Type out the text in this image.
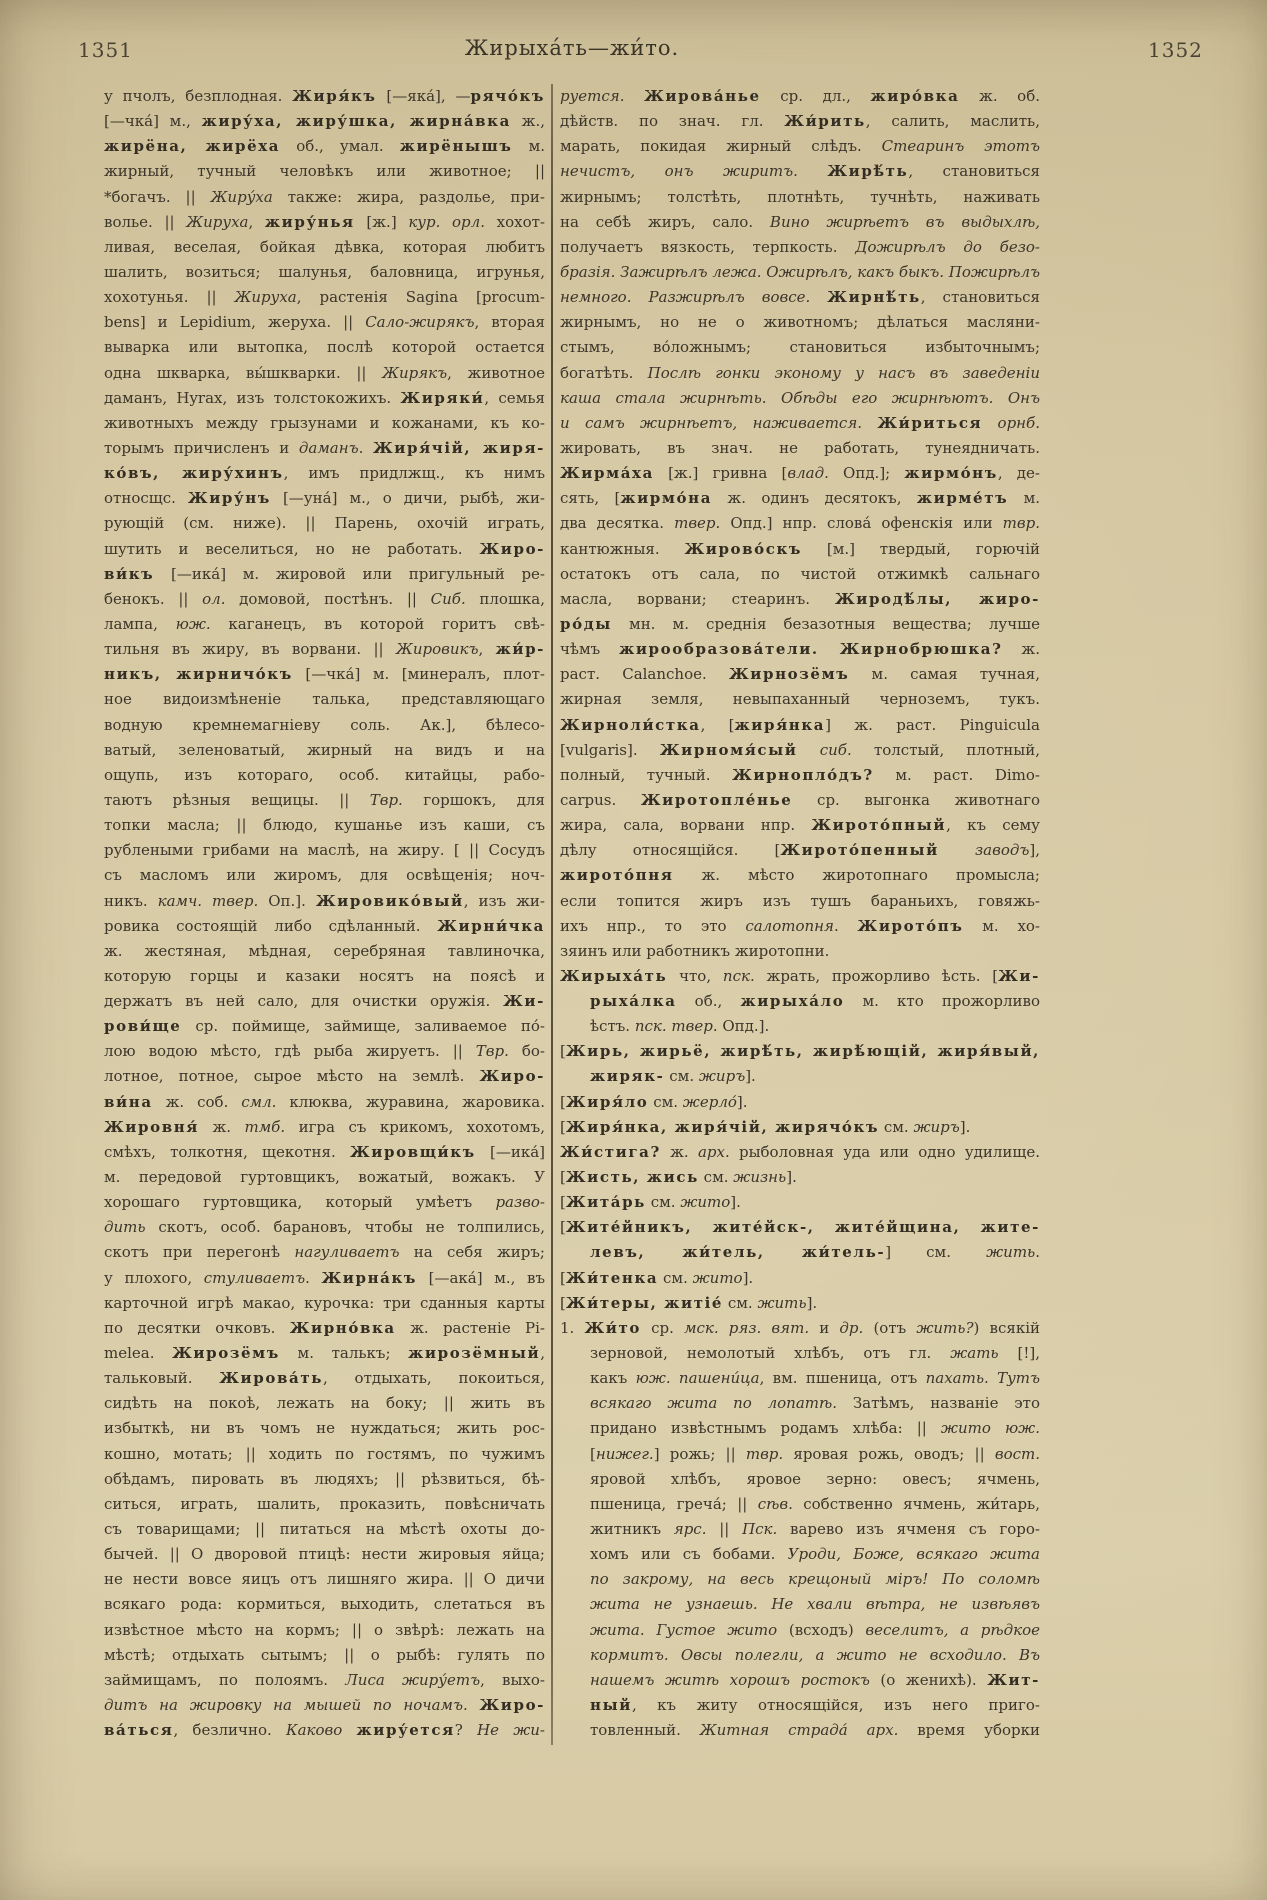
1351	Жирыха́ть—жи́то.	1352
у пчолъ, безплодная. Жиря́къ [—яка́], —рячо́къ
[—чка́] м., жиру́ха, жиру́шка, жирна́вка ж.,
жирёна, жирёха об., умал. жирёнышъ м.
жирный, тучный человѣкъ или животное; ||
*богачъ. || Жиру́ха также: жира, раздолье, при-
волье. || Жируха, жиру́нья [ж.] кур. орл. хохот-
ливая, веселая, бойкая дѣвка, которая любитъ
шалить, возиться; шалунья, баловница, игрунья,
хохотунья. || Жируха, растенія Sagina [procum-
bens] и Lepidium, жеруха. || Сало-жирякъ, вторая
выварка или вытопка, послѣ которой остается
одна шкварка, вы́шкварки. || Жирякъ, животное
даманъ, Hyrax, изъ толстокожихъ. Жиряки́, семья
животныхъ между грызунами и кожанами, къ ко-
торымъ причисленъ и даманъ. Жиря́чій, жиря-
ко́въ, жиру́хинъ, имъ придлжщ., къ нимъ
относщс. Жиру́нъ [—уна́] м., о дичи, рыбѣ, жи-
рующій (см. ниже). || Парень, охочій играть,
шутить и веселиться, но не работать. Жиро-
ви́къ [—ика́] м. жировой или пригульный ре-
бенокъ. || ол. домовой, постѣнъ. || Сиб. плошка,
лампа, юж. каганецъ, въ которой горитъ свѣ-
тильня въ жиру, въ ворвани. || Жировикъ, жи́р-
никъ, жирничо́къ [—чка́] м. [минералъ, плот-
ное видоизмѣненіе талька, представляющаго
водную кремнемагніеву соль. Ак.], бѣлесо-
ватый, зеленоватый, жирный на видъ и на
ощупь, изъ котораго, особ. китайцы, рабо-
таютъ рѣзныя вещицы. || Твр. горшокъ, для
топки масла; || блюдо, кушанье изъ каши, съ
рублеными грибами на маслѣ, на жиру. [ || Сосудъ
съ масломъ или жиромъ, для освѣщенія; ноч-
никъ. камч. твер. Оп.]. Жировико́вый, изъ жи-
ровика состоящій либо сдѣланный. Жирни́чка
ж. жестяная, мѣдная, серебряная тавлиночка,
которую горцы и казаки носятъ на поясѣ и
держатъ въ ней сало, для очистки оружія. Жи-
рови́ще ср. поймище, займище, заливаемое по́-
лою водою мѣсто, гдѣ рыба жируетъ. || Твр. бо-
лотное, потное, сырое мѣсто на землѣ. Жиро-
ви́на ж. соб. смл. клюква, журавина, жаровика.
Жировня́ ж. тмб. игра съ крикомъ, хохотомъ,
смѣхъ, толкотня, щекотня. Жировщи́къ [—ика́]
м. передовой гуртовщикъ, вожатый, вожакъ. У
хорошаго гуртовщика, который умѣетъ разво-
дить скотъ, особ. барановъ, чтобы не толпились,
скотъ при перегонѣ нагуливаетъ на себя жиръ;
у плохого, стуливаетъ. Жирна́къ [—ака́] м., въ
карточной игрѣ макао, курочка: три сданныя карты
по десятки очковъ. Жирно́вка ж. растеніе Pi-
melea. Жирозёмъ м. талькъ; жирозёмный,
тальковый. Жирова́ть, отдыхать, покоиться,
сидѣть на покоѣ, лежать на боку; || жить въ
избыткѣ, ни въ чомъ не нуждаться; жить рос-
кошно, мотать; || ходить по гостямъ, по чужимъ
обѣдамъ, пировать въ людяхъ; || рѣзвиться, бѣ-
ситься, играть, шалить, проказить, повѣсничать
съ товарищами; || питаться на мѣстѣ охоты до-
бычей. || О дворовой птицѣ: нести жировыя яйца;
не нести вовсе яицъ отъ лишняго жира. || О дичи
всякаго рода: кормиться, выходить, слетаться въ
извѣстное мѣсто на кормъ; || о звѣрѣ: лежать на
мѣстѣ; отдыхать сытымъ; || о рыбѣ: гулять по
займищамъ, по полоямъ. Лиса жиру́етъ, выхо-
дитъ на жировку на мышей по ночамъ. Жиро-
ва́ться, безлично. Каково жиру́ется? Не жи-
руется. Жирова́нье ср. дл., жиро́вка ж. об.
дѣйств. по знач. гл. Жи́рить, салить, маслить,
марать, покидая жирный слѣдъ. Стеаринъ этотъ
нечистъ, онъ жиритъ. Жирѣ́ть, становиться
жирнымъ; толстѣть, плотнѣть, тучнѣть, наживать
на себѣ жиръ, сало. Вино жирѣетъ въ выдыхлѣ,
получаетъ вязкость, терпкость. Дожирѣлъ до безо-
бразія. Зажирѣлъ лежа. Ожирѣлъ, какъ быкъ. Пожирѣлъ
немного. Разжирѣлъ вовсе. Жирнѣ́ть, становиться
жирнымъ, но не о животномъ; дѣлаться масляни-
стымъ, во́ложнымъ; становиться избыточнымъ;
богатѣть. Послѣ гонки эконому у насъ въ заведеніи
каша стала жирнѣть. Обѣды его жирнѣютъ. Онъ
и самъ жирнѣетъ, наживается. Жи́риться орнб.
жировать, въ знач. не работать, тунеядничать.
Жирма́ха [ж.] гривна [влад. Опд.]; жирмо́нъ, де-
сять, [жирмо́на ж. одинъ десятокъ, жирме́тъ м.
два десятка. твер. Опд.] нпр. слова́ офенскія или твр.
кантюжныя. Жирово́скъ [м.] твердый, горючій
остатокъ отъ сала, по чистой отжимкѣ сальнаго
масла, ворвани; стеаринъ. Жиродѣ́лы, жиро-
ро́ды мн. м. среднія безазотныя вещества; лучше
чѣмъ жирообразова́тели. Жирнобрюшка? ж.
раст. Calanchoe. Жирнозёмъ м. самая тучная,
жирная земля, невыпаханный черноземъ, тукъ.
Жирноли́стка, [жиря́нка] ж. раст. Pinguicula
[vulgaris]. Жирномя́сый сиб. толстый, плотный,
полный, тучный. Жирнопло́дъ? м. раст. Dimo-
carpus. Жиротопле́нье ср. выгонка животнаго
жира, сала, ворвани нпр. Жирото́пный, къ сему
дѣлу относящійся. [Жирото́пенный заводъ],
жирото́пня ж. мѣсто жиротопнаго промысла;
если топится жиръ изъ тушъ бараньихъ, говяжь-
ихъ нпр., то это салотопня. Жирото́пъ м. хо-
зяинъ или работникъ жиротопни.
Жирыха́ть что, пск. жрать, прожорливо ѣсть. [Жи-
рыха́лка об., жирыха́ло м. кто прожорливо
ѣстъ. пск. твер. Опд.].
[Жирь, жирьё, жирѣ́ть, жирѣ́ющій, жиря́вый,
жиряк- см. жиръ].
[Жиря́ло см. жерло́].
[Жиря́нка, жиря́чій, жирячо́къ см. жиръ].
Жи́стига? ж. арх. рыболовная уда или одно удилище.
[Жисть, жись см. жизнь].
[Жита́рь см. жито].
[Жите́йникъ, жите́йск-, жите́йщина, жите-
левъ, жи́тель, жи́тель-] см. жить.
[Жи́тенка см. жито].
[Жи́теры, житіе́ см. жить].
1. Жи́то ср. мск. ряз. вят. и др. (отъ жить?) всякій
зерновой, немолотый хлѣбъ, отъ гл. жать [!],
какъ юж. пашени́ца, вм. пшеница, отъ пахать. Тутъ
всякаго жита по лопатѣ. Затѣмъ, названіе это
придано извѣстнымъ родамъ хлѣба: || жито юж.
[нижег.] рожь; || твр. яровая рожь, оводъ; || вост.
яровой хлѣбъ, яровое зерно: овесъ; ячмень,
пшеница, греча́; || сѣв. собственно ячмень, жи́тарь,
житникъ ярс. || Пск. варево изъ ячменя съ горо-
хомъ или съ бобами. Уроди, Боже, всякаго жита
по закрому, на весь крещоный міръ! По соломѣ
жита не узнаешь. Не хвали вѣтра, не извѣявъ
жита. Густое жито (всходъ) веселитъ, а рѣдкое
кормитъ. Овсы полегли, а жито не всходило. Въ
нашемъ житѣ хорошъ ростокъ (о женихѣ). Жит-
ный, къ житу относящійся, изъ него приго-
товленный. Житная страда́ арх. время уборки
